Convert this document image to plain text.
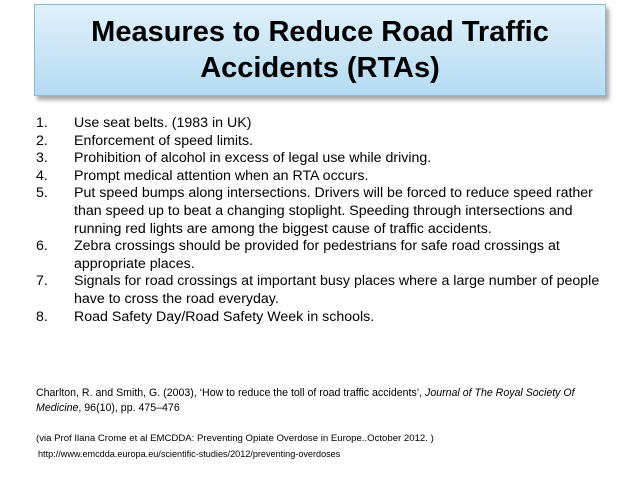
Measures to Reduce Road Traffic
Accidents (RTAs)
1.	Use seat belts. (1983 in UK)
2.	Enforcement of speed limits.
3.	Prohibition of alcohol in excess of legal use while driving.
4.	Prompt medical attention when an RTA occurs.
5.	Put speed bumps along intersections. Drivers will be forced to reduce speed rather than speed up to beat a changing stoplight. Speeding through intersections and running red lights are among the biggest cause of traffic accidents.
6.	Zebra crossings should be provided for pedestrians for safe road crossings at appropriate places.
7.	Signals for road crossings at important busy places where a large number of people have to cross the road everyday.
8.	Road Safety Day/Road Safety Week in schools.

Charlton, R. and Smith, G. (2003), ‘How to reduce the toll of road traffic accidents’, Journal of The Royal Society Of Medicine, 96(10), pp. 475–476

(via Prof Ilana Crome et al EMCDDA: Preventing Opiate Overdose in Europe..October 2012. )

http://www.emcdda.europa.eu/scientific-studies/2012/preventing-overdoses
